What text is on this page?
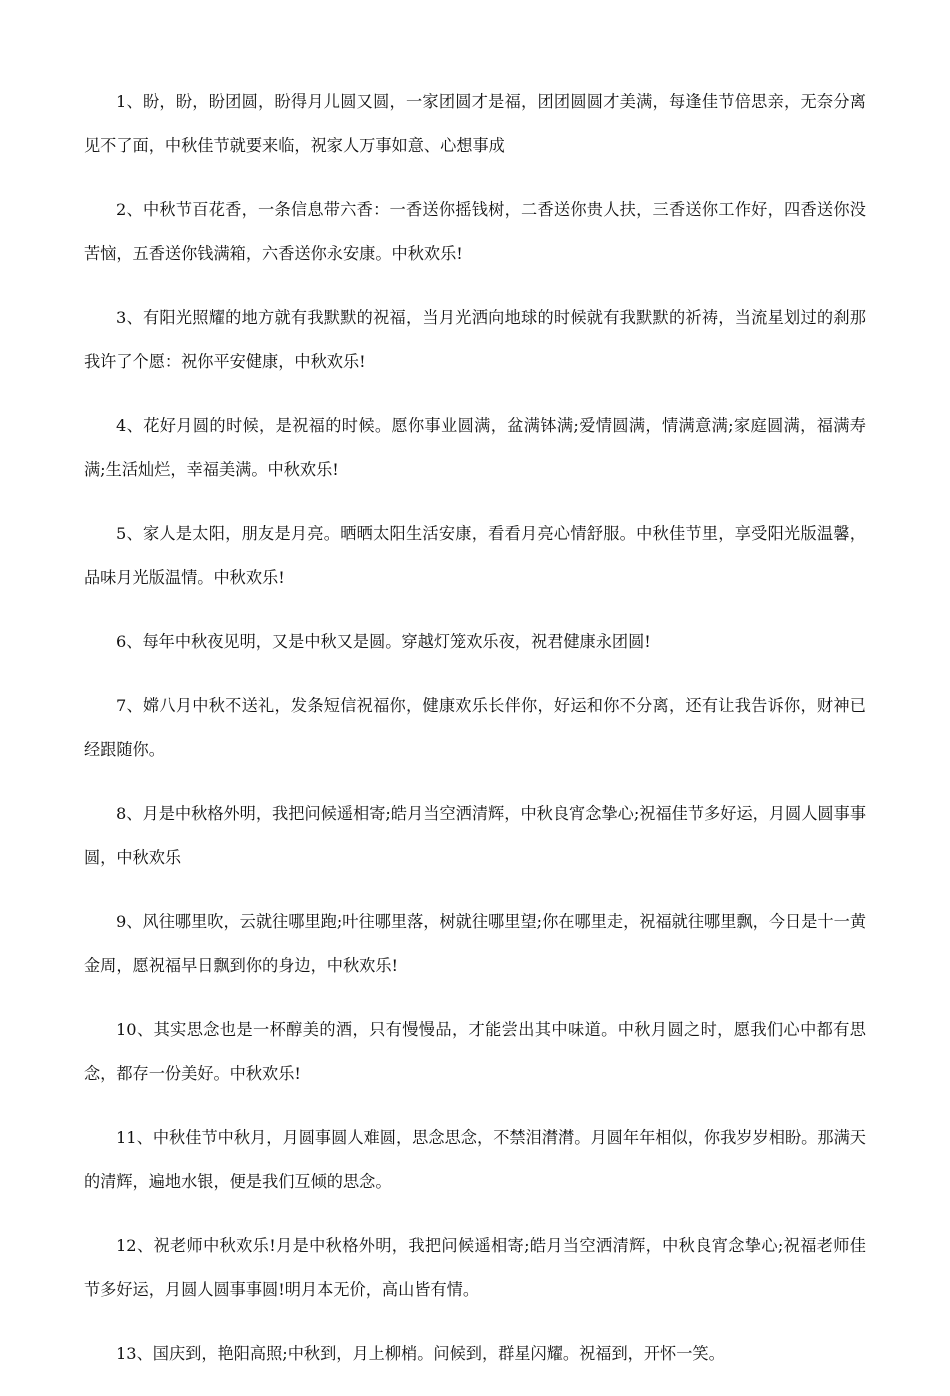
1、盼，盼，盼团圆，盼得月儿圆又圆，一家团圆才是福，团团圆圆才美满，每逢佳节倍思亲，无奈分离见不了面，中秋佳节就要来临，祝家人万事如意、心想事成

2、中秋节百花香，一条信息带六香：一香送你摇钱树，二香送你贵人扶，三香送你工作好，四香送你没苦恼，五香送你钱满箱，六香送你永安康。中秋欢乐!

3、有阳光照耀的地方就有我默默的祝福，当月光洒向地球的时候就有我默默的祈祷，当流星划过的刹那我许了个愿：祝你平安健康，中秋欢乐!

4、花好月圆的时候，是祝福的时候。愿你事业圆满，盆满钵满;爱情圆满，情满意满;家庭圆满，福满寿满;生活灿烂，幸福美满。中秋欢乐!

5、家人是太阳，朋友是月亮。晒晒太阳生活安康，看看月亮心情舒服。中秋佳节里，享受阳光版温馨，品味月光版温情。中秋欢乐!

6、每年中秋夜见明，又是中秋又是圆。穿越灯笼欢乐夜，祝君健康永团圆!

7、嫦八月中秋不送礼，发条短信祝福你，健康欢乐长伴你，好运和你不分离，还有让我告诉你，财神已经跟随你。

8、月是中秋格外明，我把问候遥相寄;皓月当空洒清辉，中秋良宵念挚心;祝福佳节多好运，月圆人圆事事圆，中秋欢乐

9、风往哪里吹，云就往哪里跑;叶往哪里落，树就往哪里望;你在哪里走，祝福就往哪里飘，今日是十一黄金周，愿祝福早日飘到你的身边，中秋欢乐!

10、其实思念也是一杯醇美的酒，只有慢慢品，才能尝出其中味道。中秋月圆之时，愿我们心中都有思念，都存一份美好。中秋欢乐!

11、中秋佳节中秋月，月圆事圆人难圆，思念思念，不禁泪潸潸。月圆年年相似，你我岁岁相盼。那满天的清辉，遍地水银，便是我们互倾的思念。

12、祝老师中秋欢乐!月是中秋格外明，我把问候遥相寄;皓月当空洒清辉，中秋良宵念挚心;祝福老师佳节多好运，月圆人圆事事圆!明月本无价，高山皆有情。

13、国庆到，艳阳高照;中秋到，月上柳梢。问候到，群星闪耀。祝福到，开怀一笑。
